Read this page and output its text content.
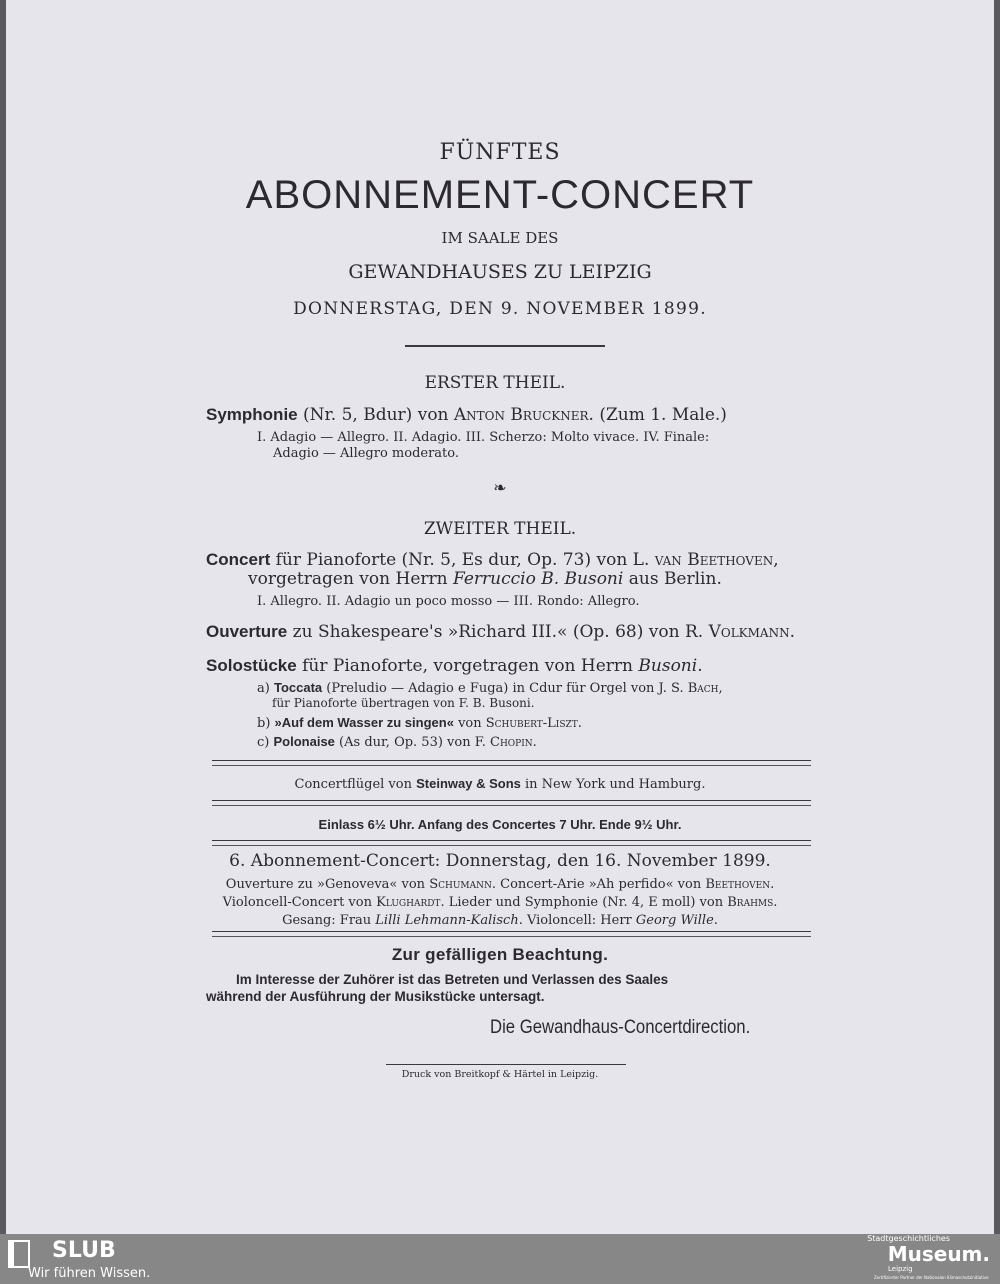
FÜNFTES
ABONNEMENT-CONCERT
IM SAALE DES
GEWANDHAUSES ZU LEIPZIG
DONNERSTAG, DEN 9. NOVEMBER 1899.
ERSTER THEIL.
Symphonie (Nr. 5, Bdur) von Anton Bruckner. (Zum 1. Male.)
I. Adagio — Allegro. II. Adagio. III. Scherzo: Molto vivace. IV. Finale:
Adagio — Allegro moderato.
❧
ZWEITER THEIL.
Concert für Pianoforte (Nr. 5, Es dur, Op. 73) von L. van Beethoven,
vorgetragen von Herrn Ferruccio B. Busoni aus Berlin.
I. Allegro. II. Adagio un poco mosso — III. Rondo: Allegro.
Ouverture zu Shakespeare's »Richard III.« (Op. 68) von R. Volkmann.
Solostücke für Pianoforte, vorgetragen von Herrn Busoni.
a) Toccata (Preludio — Adagio e Fuga) in Cdur für Orgel von J. S. Bach,
für Pianoforte übertragen von F. B. Busoni.
b) »Auf dem Wasser zu singen« von Schubert-Liszt.
c) Polonaise (As dur, Op. 53) von F. Chopin.
Concertflügel von Steinway & Sons in New York und Hamburg.
Einlass 6½ Uhr. Anfang des Concertes 7 Uhr. Ende 9½ Uhr.
6. Abonnement-Concert: Donnerstag, den 16. November 1899.
Ouverture zu »Genoveva« von Schumann. Concert-Arie »Ah perfido« von Beethoven.
Violoncell-Concert von Klughardt. Lieder und Symphonie (Nr. 4, E moll) von Brahms.
Gesang: Frau Lilli Lehmann-Kalisch. Violoncell: Herr Georg Wille.
Zur gefälligen Beachtung.
Im Interesse der Zuhörer ist das Betreten und Verlassen des Saales
während der Ausführung der Musikstücke untersagt.
Die Gewandhaus-Concertdirection.
Druck von Breitkopf & Härtel in Leipzig.
SLUB
Wir führen Wissen.
Stadtgeschichtliches
Museum.
Leipzig
Zertifizierter Partner der Nationalen Klimaschutzinitiative
